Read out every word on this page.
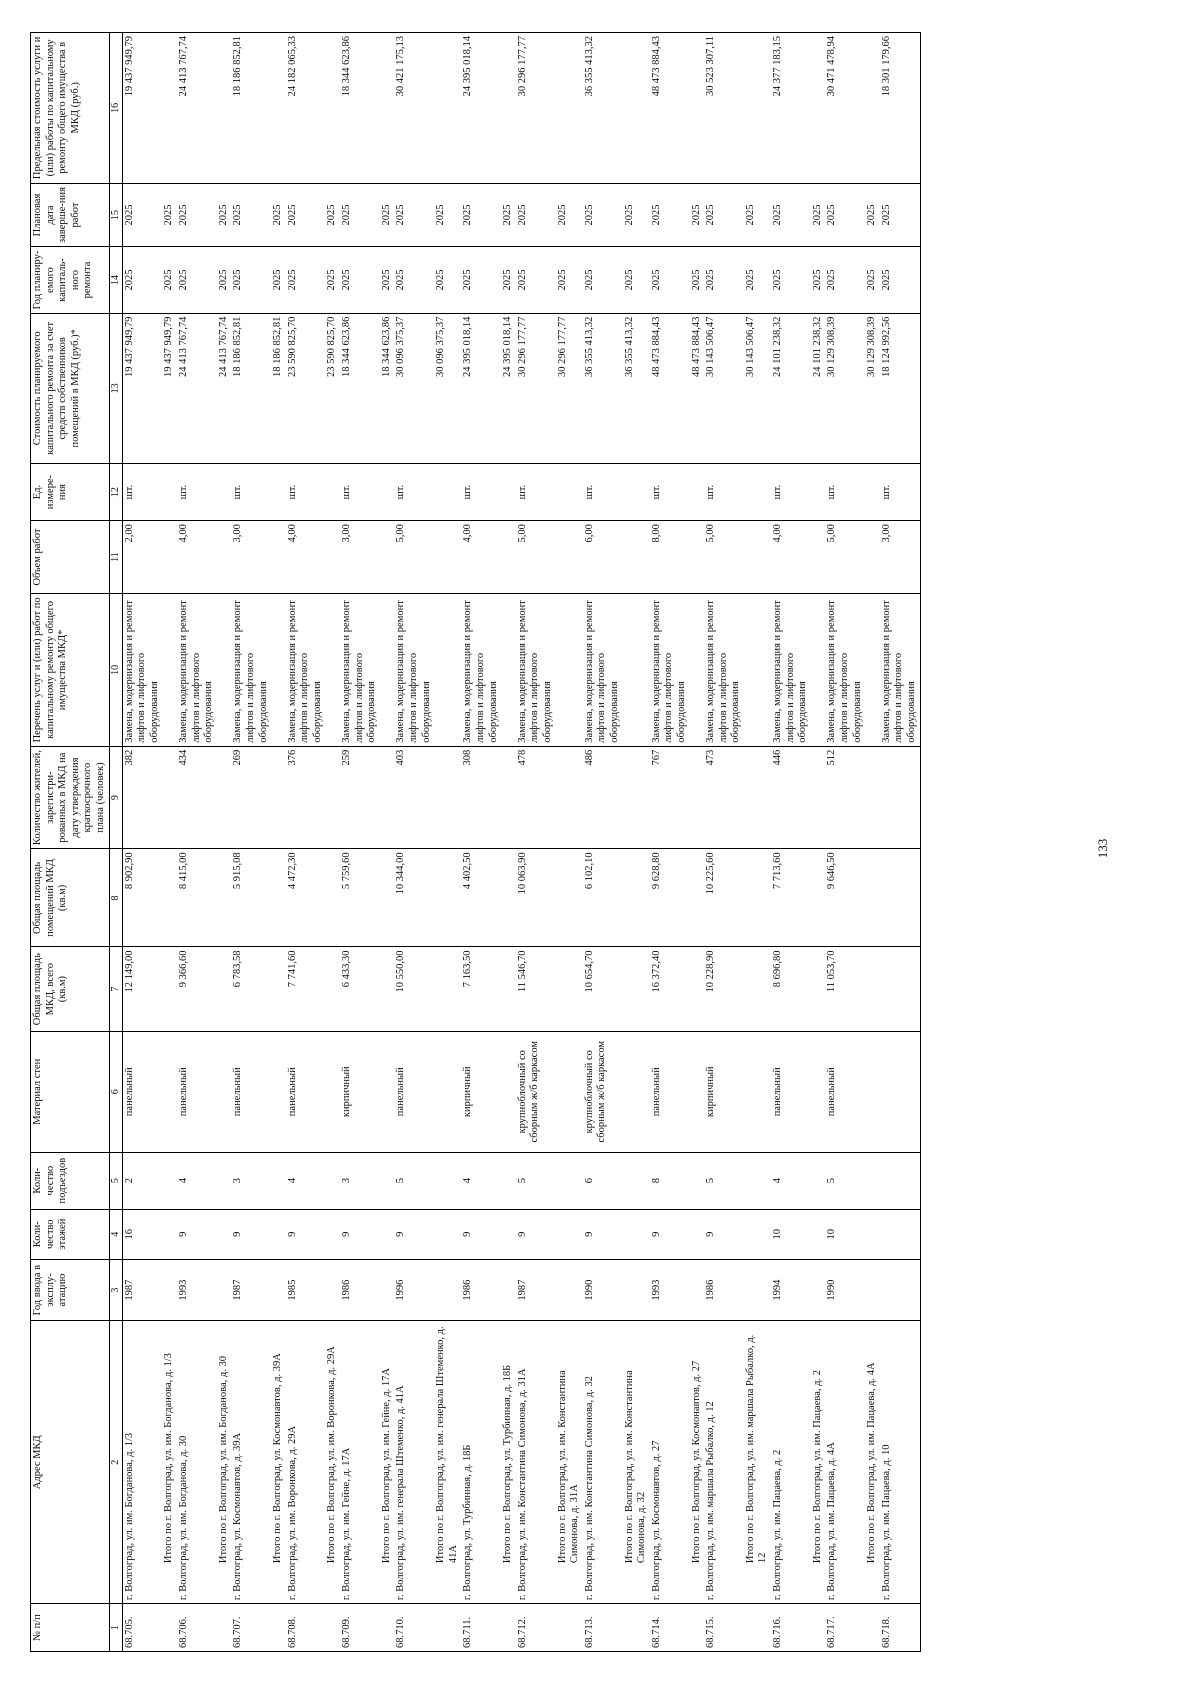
133
№ п/п	Адрес МКД	Год ввода в эксплу-атацию	Коли-чество этажей	Коли-чество подъездов	Материал стен	Общая площадь МКД, всего (кв.м)	Общая площадь помещений МКД (кв.м)	Количество жителей, зарегистри-рованных в МКД на дату утверждения краткосрочного плана (человек)	Перечень услуг и (или) работ по капитальному ремонту общего имущества МКД*	Объем работ	Ед. измере-ния	Стоимость планируемого капитального ремонта за счет средств собственников помещений в МКД (руб.)*	Год планиру-емого капиталь-ного ремонта	Плановая дата заверше-ния работ	Предельная стоимость услуги и (или) работы по капитальному ремонту общего имущества в МКД (руб.)
1	2	3	4	5	6	7	8	9	10	11	12	13	14	15	16
68.705.	г. Волгоград, ул. им. Богданова, д. 1/3	1987	16	2	панельный	12 149,00	8 902,90	382	Замена, модернизация и ремонт лифтов и лифтового оборудования	2,00	шт.	19 437 949,79	2025	2025	19 437 949,79
	Итого по г. Волгоград, ул. им. Богданова, д. 1/3											19 437 949,79	2025	2025	
68.706.	г. Волгоград, ул. им. Богданова, д. 30	1993	9	4	панельный	9 366,60	8 415,00	434	Замена, модернизация и ремонт лифтов и лифтового оборудования	4,00	шт.	24 413 767,74	2025	2025	24 413 767,74
	Итого по г. Волгоград, ул. им. Богданова, д. 30											24 413 767,74	2025	2025	
68.707.	г. Волгоград, ул. Космонавтов, д. 39А	1987	9	3	панельный	6 783,58	5 915,08	269	Замена, модернизация и ремонт лифтов и лифтового оборудования	3,00	шт.	18 186 852,81	2025	2025	18 186 852,81
	Итого по г. Волгоград, ул. Космонавтов, д. 39А											18 186 852,81	2025	2025	
68.708.	г. Волгоград, ул. им. Воронкова, д. 29А	1985	9	4	панельный	7 741,60	4 472,30	376	Замена, модернизация и ремонт лифтов и лифтового оборудования	4,00	шт.	23 590 825,70	2025	2025	24 182 065,33
	Итого по г. Волгоград, ул. им. Воронкова, д. 29А											23 590 825,70	2025	2025	
68.709.	г. Волгоград, ул. им. Гейне, д. 17А	1986	9	3	кирпичный	6 433,30	5 759,60	259	Замена, модернизация и ремонт лифтов и лифтового оборудования	3,00	шт.	18 344 623,86	2025	2025	18 344 623,86
	Итого по г. Волгоград, ул. им. Гейне, д. 17А											18 344 623,86	2025	2025	
68.710.	г. Волгоград, ул. им. генерала Штеменко, д. 41А	1996	9	5	панельный	10 550,00	10 344,00	403	Замена, модернизация и ремонт лифтов и лифтового оборудования	5,00	шт.	30 096 375,37	2025	2025	30 421 175,13
	Итого по г. Волгоград, ул. им. генерала Штеменко, д. 41А											30 096 375,37	2025	2025	
68.711.	г. Волгоград, ул. Турбинная, д. 18Б	1986	9	4	кирпичный	7 163,50	4 402,50	308	Замена, модернизация и ремонт лифтов и лифтового оборудования	4,00	шт.	24 395 018,14	2025	2025	24 395 018,14
	Итого по г. Волгоград, ул. Турбинная, д. 18Б											24 395 018,14	2025	2025	
68.712.	г. Волгоград, ул. им. Константина Симонова, д. 31А	1987	9	5	крупноблочный со сборным ж/б каркасом	11 546,70	10 063,90	478	Замена, модернизация и ремонт лифтов и лифтового оборудования	5,00	шт.	30 296 177,77	2025	2025	30 296 177,77
	Итого по г. Волгоград, ул. им. Константина Симонова, д. 31А											30 296 177,77	2025	2025	
68.713.	г. Волгоград, ул. им. Константина Симонова, д. 32	1990	9	6	крупноблочный со сборным ж/б каркасом	10 654,70	6 102,10	486	Замена, модернизация и ремонт лифтов и лифтового оборудования	6,00	шт.	36 355 413,32	2025	2025	36 355 413,32
	Итого по г. Волгоград, ул. им. Константина Симонова, д. 32											36 355 413,32	2025	2025	
68.714.	г. Волгоград, ул. Космонавтов, д. 27	1993	9	8	панельный	16 372,40	9 628,80	767	Замена, модернизация и ремонт лифтов и лифтового оборудования	8,00	шт.	48 473 884,43	2025	2025	48 473 884,43
	Итого по г. Волгоград, ул. Космонавтов, д. 27											48 473 884,43	2025	2025	
68.715.	г. Волгоград, ул. им. маршала Рыбалко, д. 12	1986	9	5	кирпичный	10 228,90	10 225,60	473	Замена, модернизация и ремонт лифтов и лифтового оборудования	5,00	шт.	30 143 506,47	2025	2025	30 523 307,11
	Итого по г. Волгоград, ул. им. маршала Рыбалко, д. 12											30 143 506,47	2025	2025	
68.716.	г. Волгоград, ул. им. Пацаева, д. 2	1994	10	4	панельный	8 696,80	7 713,60	446	Замена, модернизация и ремонт лифтов и лифтового оборудования	4,00	шт.	24 101 238,32	2025	2025	24 377 183,15
	Итого по г. Волгоград, ул. им. Пацаева, д. 2											24 101 238,32	2025	2025	
68.717.	г. Волгоград, ул. им. Пацаева, д. 4А	1990	10	5	панельный	11 053,70	9 646,50	512	Замена, модернизация и ремонт лифтов и лифтового оборудования	5,00	шт.	30 129 308,39	2025	2025	30 471 478,94
	Итого по г. Волгоград, ул. им. Пацаева, д. 4А											30 129 308,39	2025	2025	
68.718.	г. Волгоград, ул. им. Пацаева, д. 10								Замена, модернизация и ремонт лифтов и лифтового оборудования	3,00	шт.	18 124 992,56	2025	2025	18 301 179,66
